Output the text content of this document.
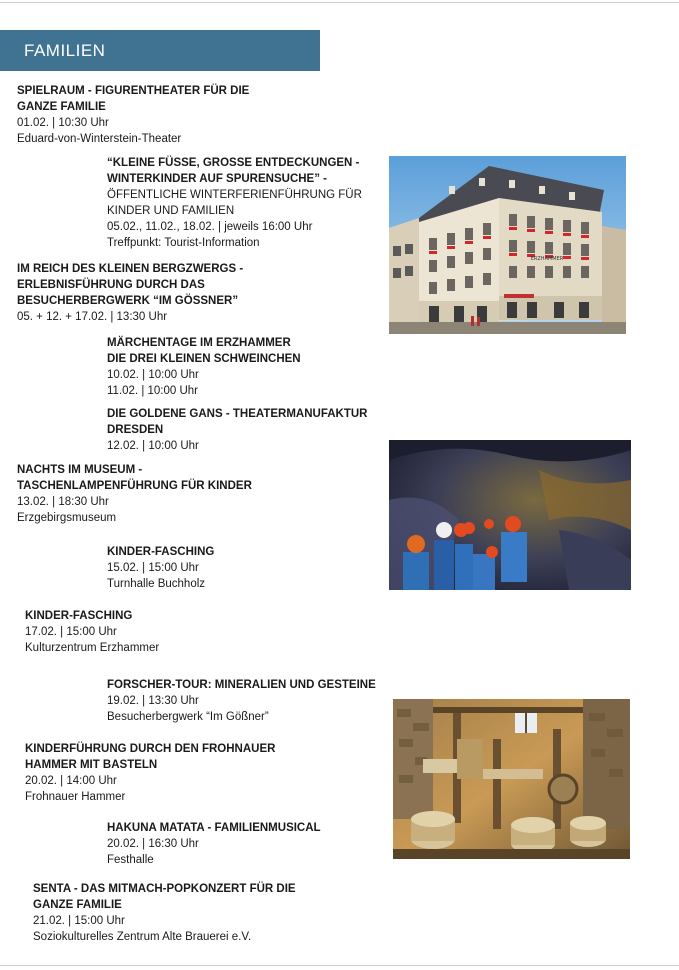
FAMILIEN
SPIELRAUM - FIGURENTHEATER FÜR DIE
GANZE FAMILIE
01.02. | 10:30 Uhr
Eduard-von-Winterstein-Theater
“KLEINE FÜSSE, GROSSE ENTDECKUNGEN -
WINTERKINDER AUF SPURENSUCHE” -
ÖFFENTLICHE WINTERFERIENFÜHRUNG FÜR
KINDER UND FAMILIEN
05.02., 11.02., 18.02. | jeweils 16:00 Uhr
Treffpunkt: Tourist-Information
IM REICH DES KLEINEN BERGZWERGS -
ERLEBNISFÜHRUNG DURCH DAS
BESUCHERBERGWERK “IM GÖSSNER”
05. + 12. + 17.02. | 13:30 Uhr
MÄRCHENTAGE IM ERZHAMMER
DIE DREI KLEINEN SCHWEINCHEN
10.02. | 10:00 Uhr
11.02. | 10:00 Uhr
DIE GOLDENE GANS - THEATERMANUFAKTUR
DRESDEN
12.02. | 10:00 Uhr
NACHTS IM MUSEUM -
TASCHENLAMPENFÜHRUNG FÜR KINDER
13.02. | 18:30 Uhr
Erzgebirgsmuseum
KINDER-FASCHING
15.02. | 15:00 Uhr
Turnhalle Buchholz
KINDER-FASCHING
17.02. | 15:00 Uhr
Kulturzentrum Erzhammer
FORSCHER-TOUR: MINERALIEN UND GESTEINE
19.02. | 13:30 Uhr
Besucherbergwerk “Im Gößner”
KINDERFÜHRUNG DURCH DEN FROHNAUER
HAMMER MIT BASTELN
20.02. | 14:00 Uhr
Frohnauer Hammer
HAKUNA MATATA - FAMILIENMUSICAL
20.02. | 16:30 Uhr
Festhalle
SENTA - DAS MITMACH-POPKONZERT FÜR DIE
GANZE FAMILIE
21.02. | 15:00 Uhr
Soziokulturelles Zentrum Alte Brauerei e.V.
ERZHAMMER
